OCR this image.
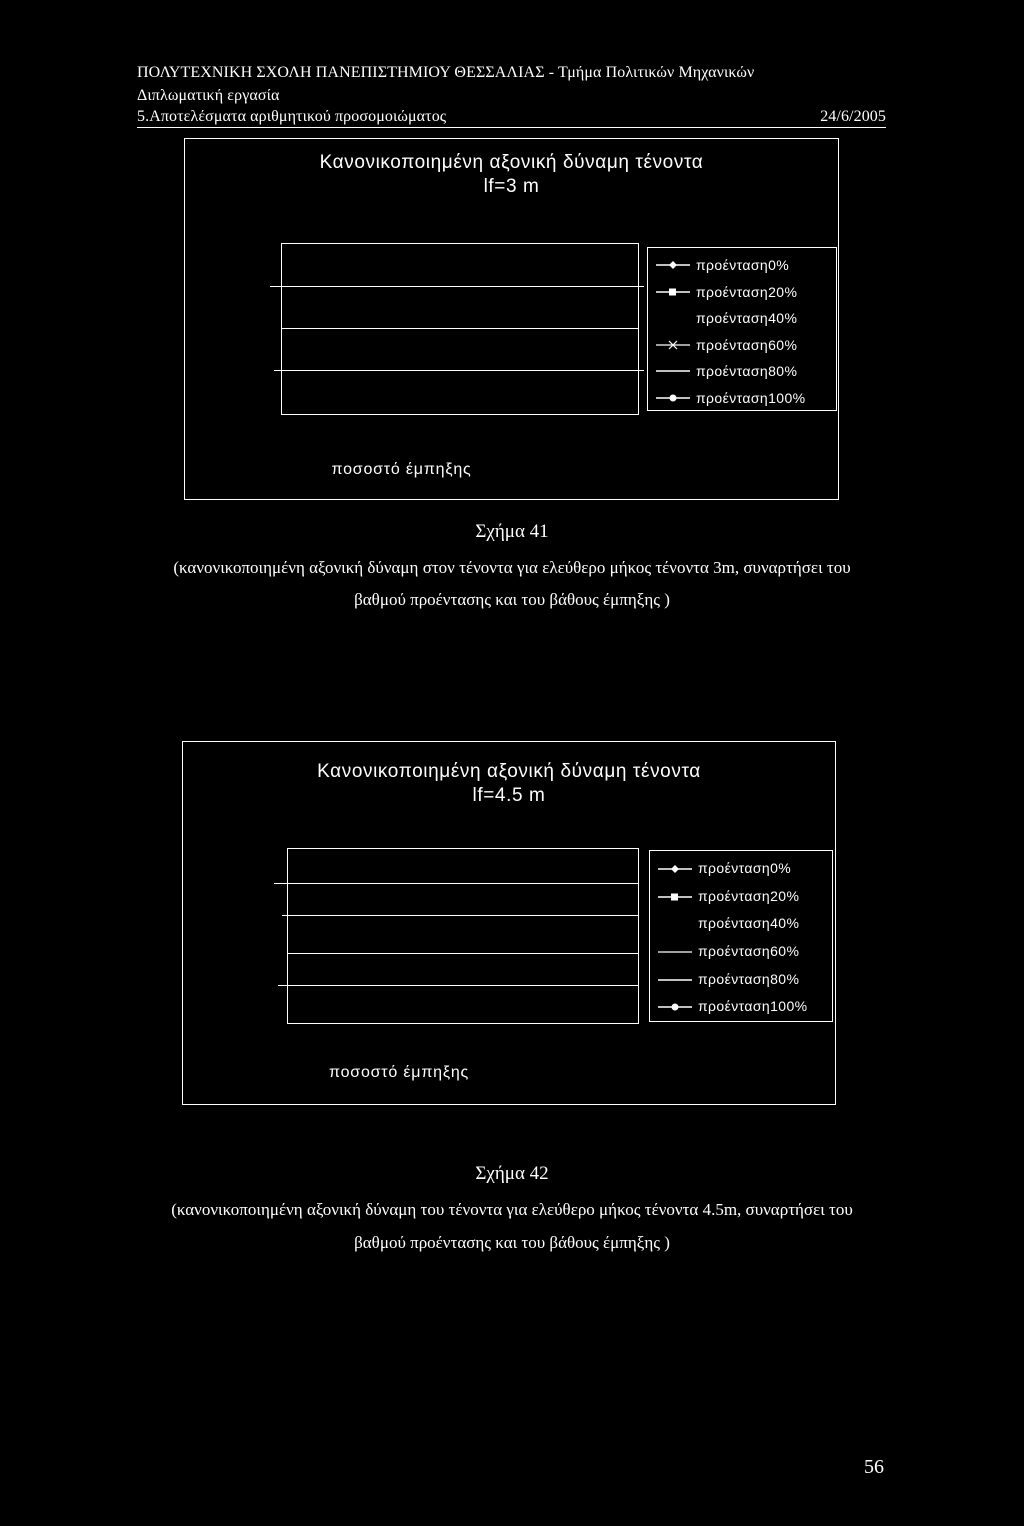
ΠΟΛΥΤΕΧΝΙΚΗ ΣΧΟΛΗ ΠΑΝΕΠΙΣΤΗΜΙΟΥ ΘΕΣΣΑΛΙΑΣ - Τμήμα Πολιτικών Μηχανικών
Διπλωματική εργασία
5.Αποτελέσματα αριθμητικού προσομοιώματος	24/6/2005
Κανονικοποιημένη αξονική δύναμη τένοντα
lf=3 m
προένταση0%
προένταση20%
προένταση40%
προένταση60%
προένταση80%
προένταση100%
ποσοστό έμπηξης
Σχήμα 41
(κανονικοποιημένη αξονική δύναμη στον τένοντα για ελεύθερο μήκος τένοντα 3m, συναρτήσει του
βαθμού προέντασης και του βάθους έμπηξης )
Κανονικοποιημένη αξονική δύναμη τένοντα
lf=4.5 m
προένταση0%
προένταση20%
προένταση40%
προένταση60%
προένταση80%
προένταση100%
ποσοστό έμπηξης
Σχήμα 42
(κανονικοποιημένη αξονική δύναμη του τένοντα για ελεύθερο μήκος τένοντα 4.5m, συναρτήσει του
βαθμού προέντασης και του βάθους έμπηξης )
56
